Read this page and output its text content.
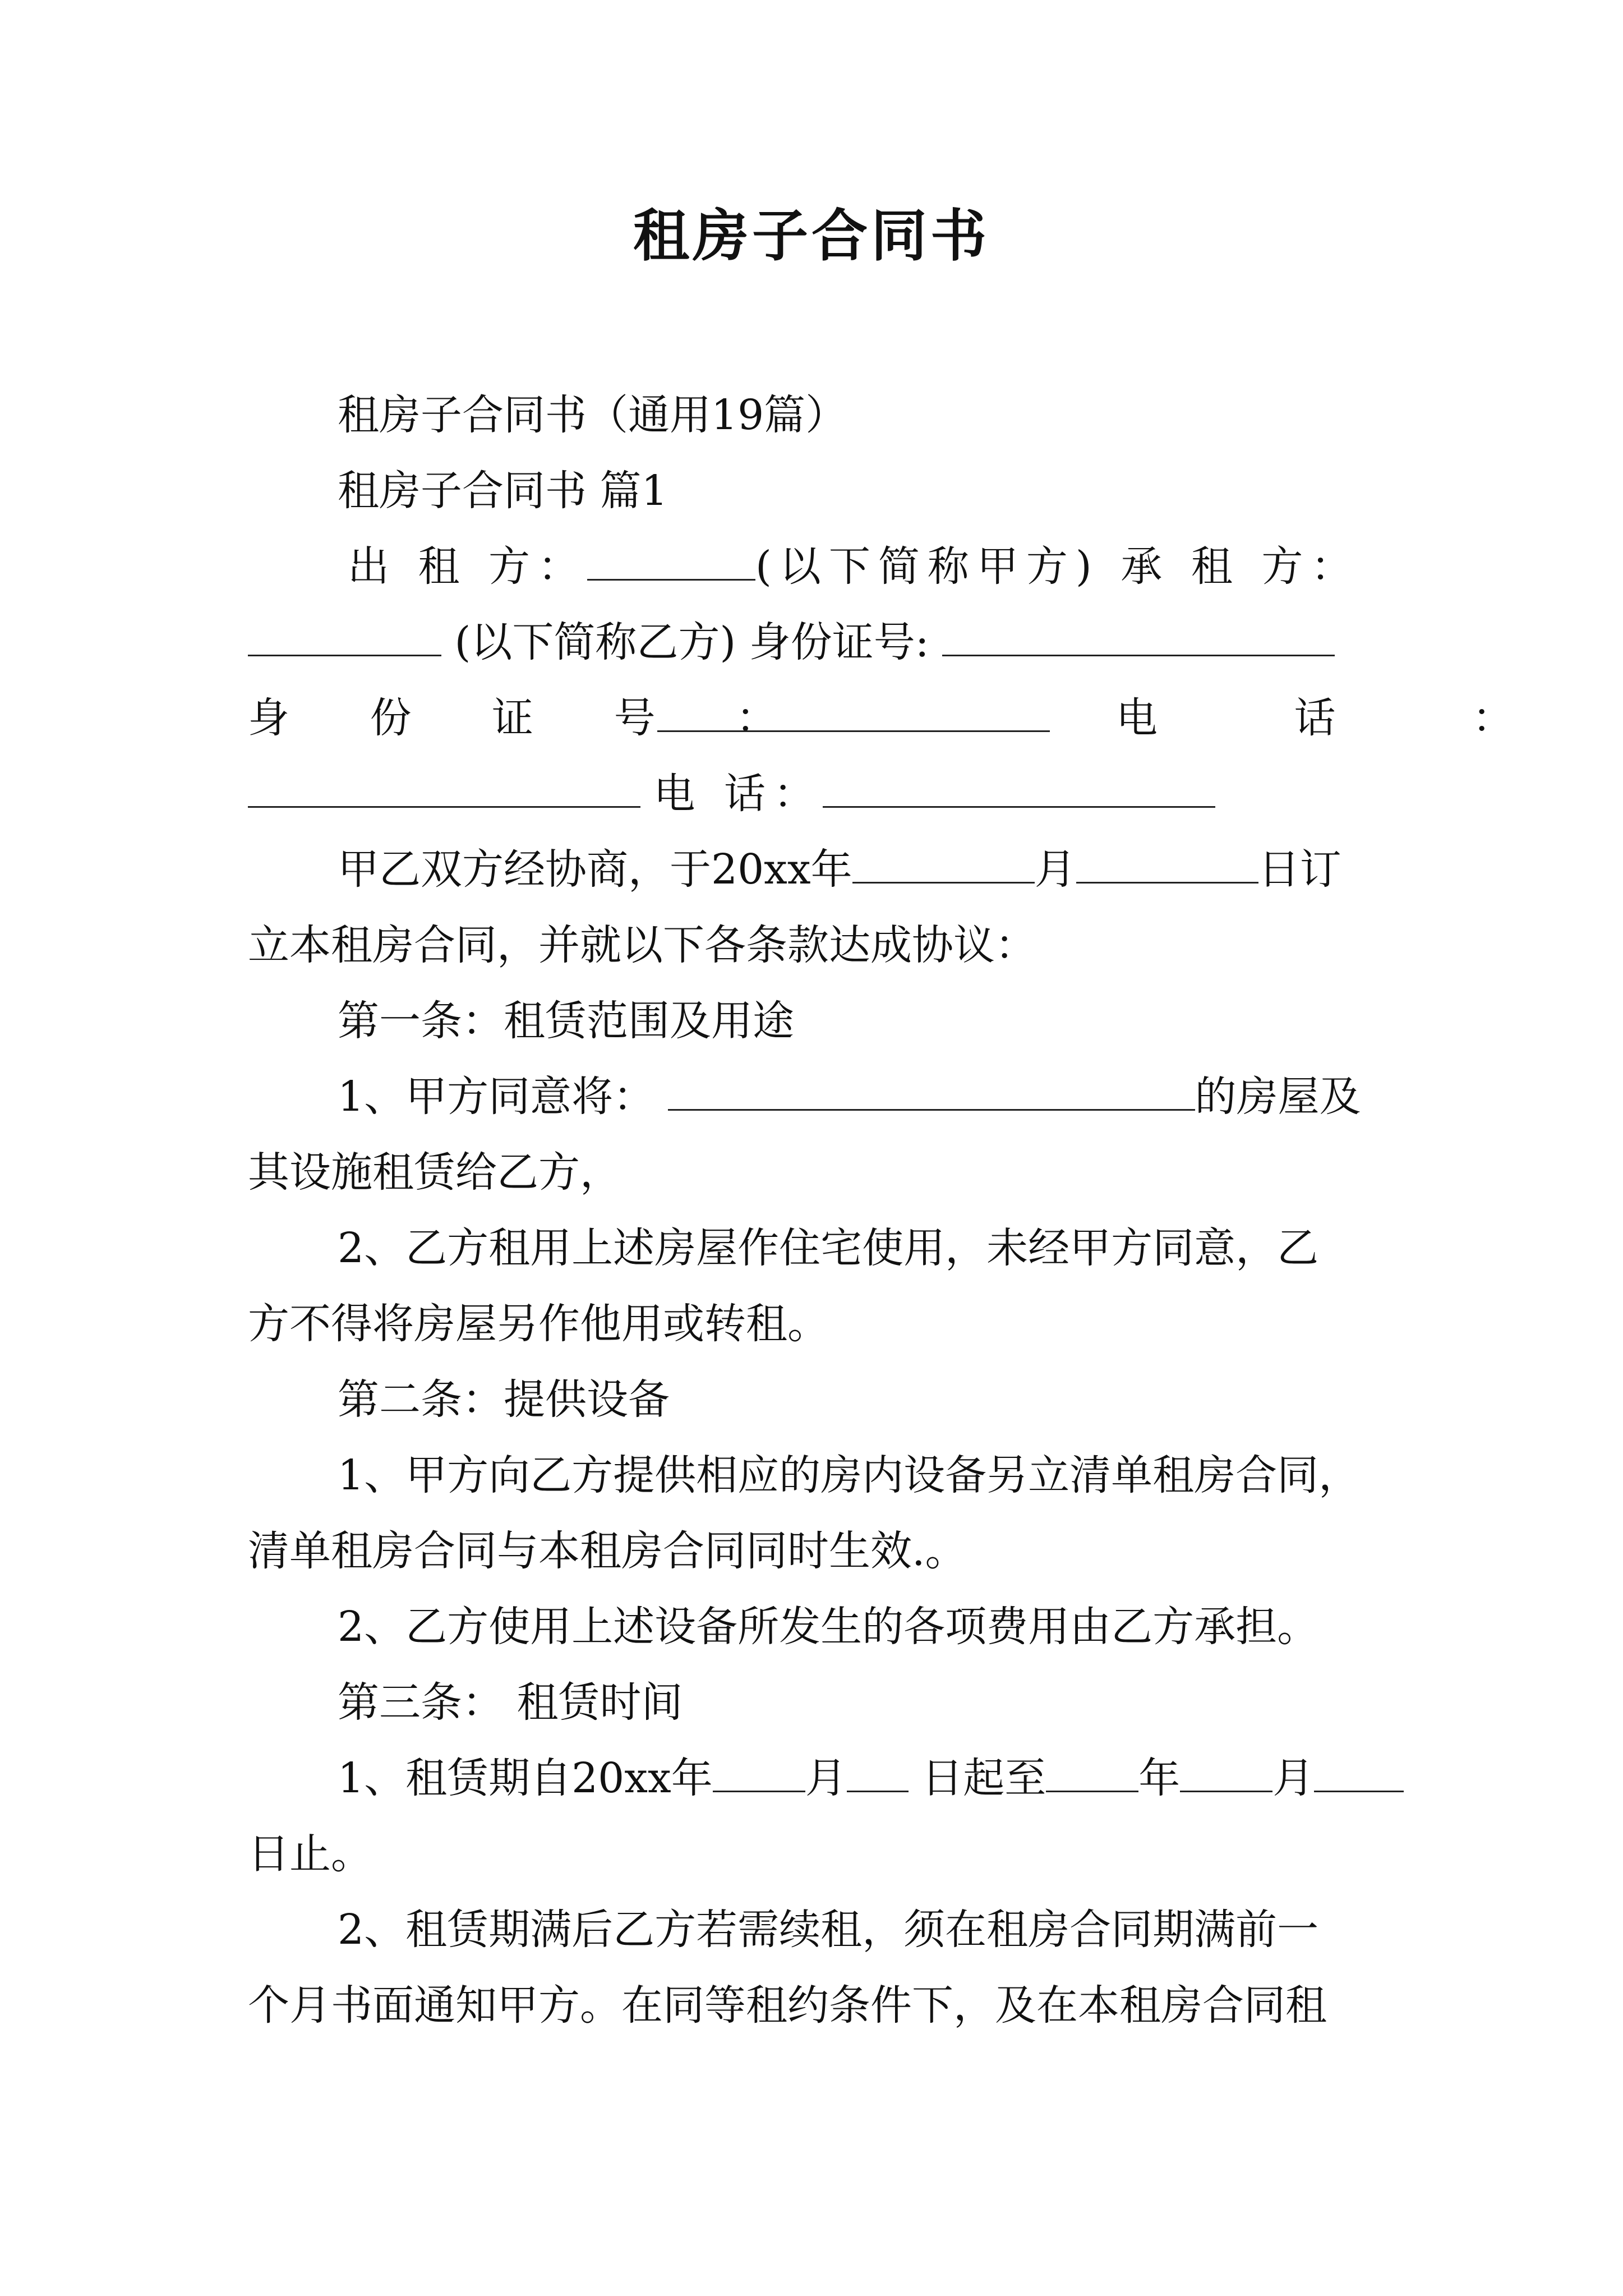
租房子合同书
租房子合同书（通用19篇）
租房子合同书 篇1
出 租 方：	(以下简称甲方) 承 租 方：
(以下简称乙方) 身份证号:
身 份 证 号 ：	电 话 ：
电 话：
甲乙双方经协商，于20xx年	月	日订
立本租房合同，并就以下各条款达成协议：
第一条：租赁范围及用途
1、甲方同意将：	的房屋及
其设施租赁给乙方，
2、乙方租用上述房屋作住宅使用，未经甲方同意，乙
方不得将房屋另作他用或转租。
第二条：提供设备
1、甲方向乙方提供相应的房内设备另立清单租房合同，
清单租房合同与本租房合同同时生效.。
2、乙方使用上述设备所发生的各项费用由乙方承担。
第三条： 租赁时间
1、租赁期自20xx年 月 日起至 年 月
日止。
2、租赁期满后乙方若需续租，须在租房合同期满前一
个月书面通知甲方。在同等租约条件下，及在本租房合同租
